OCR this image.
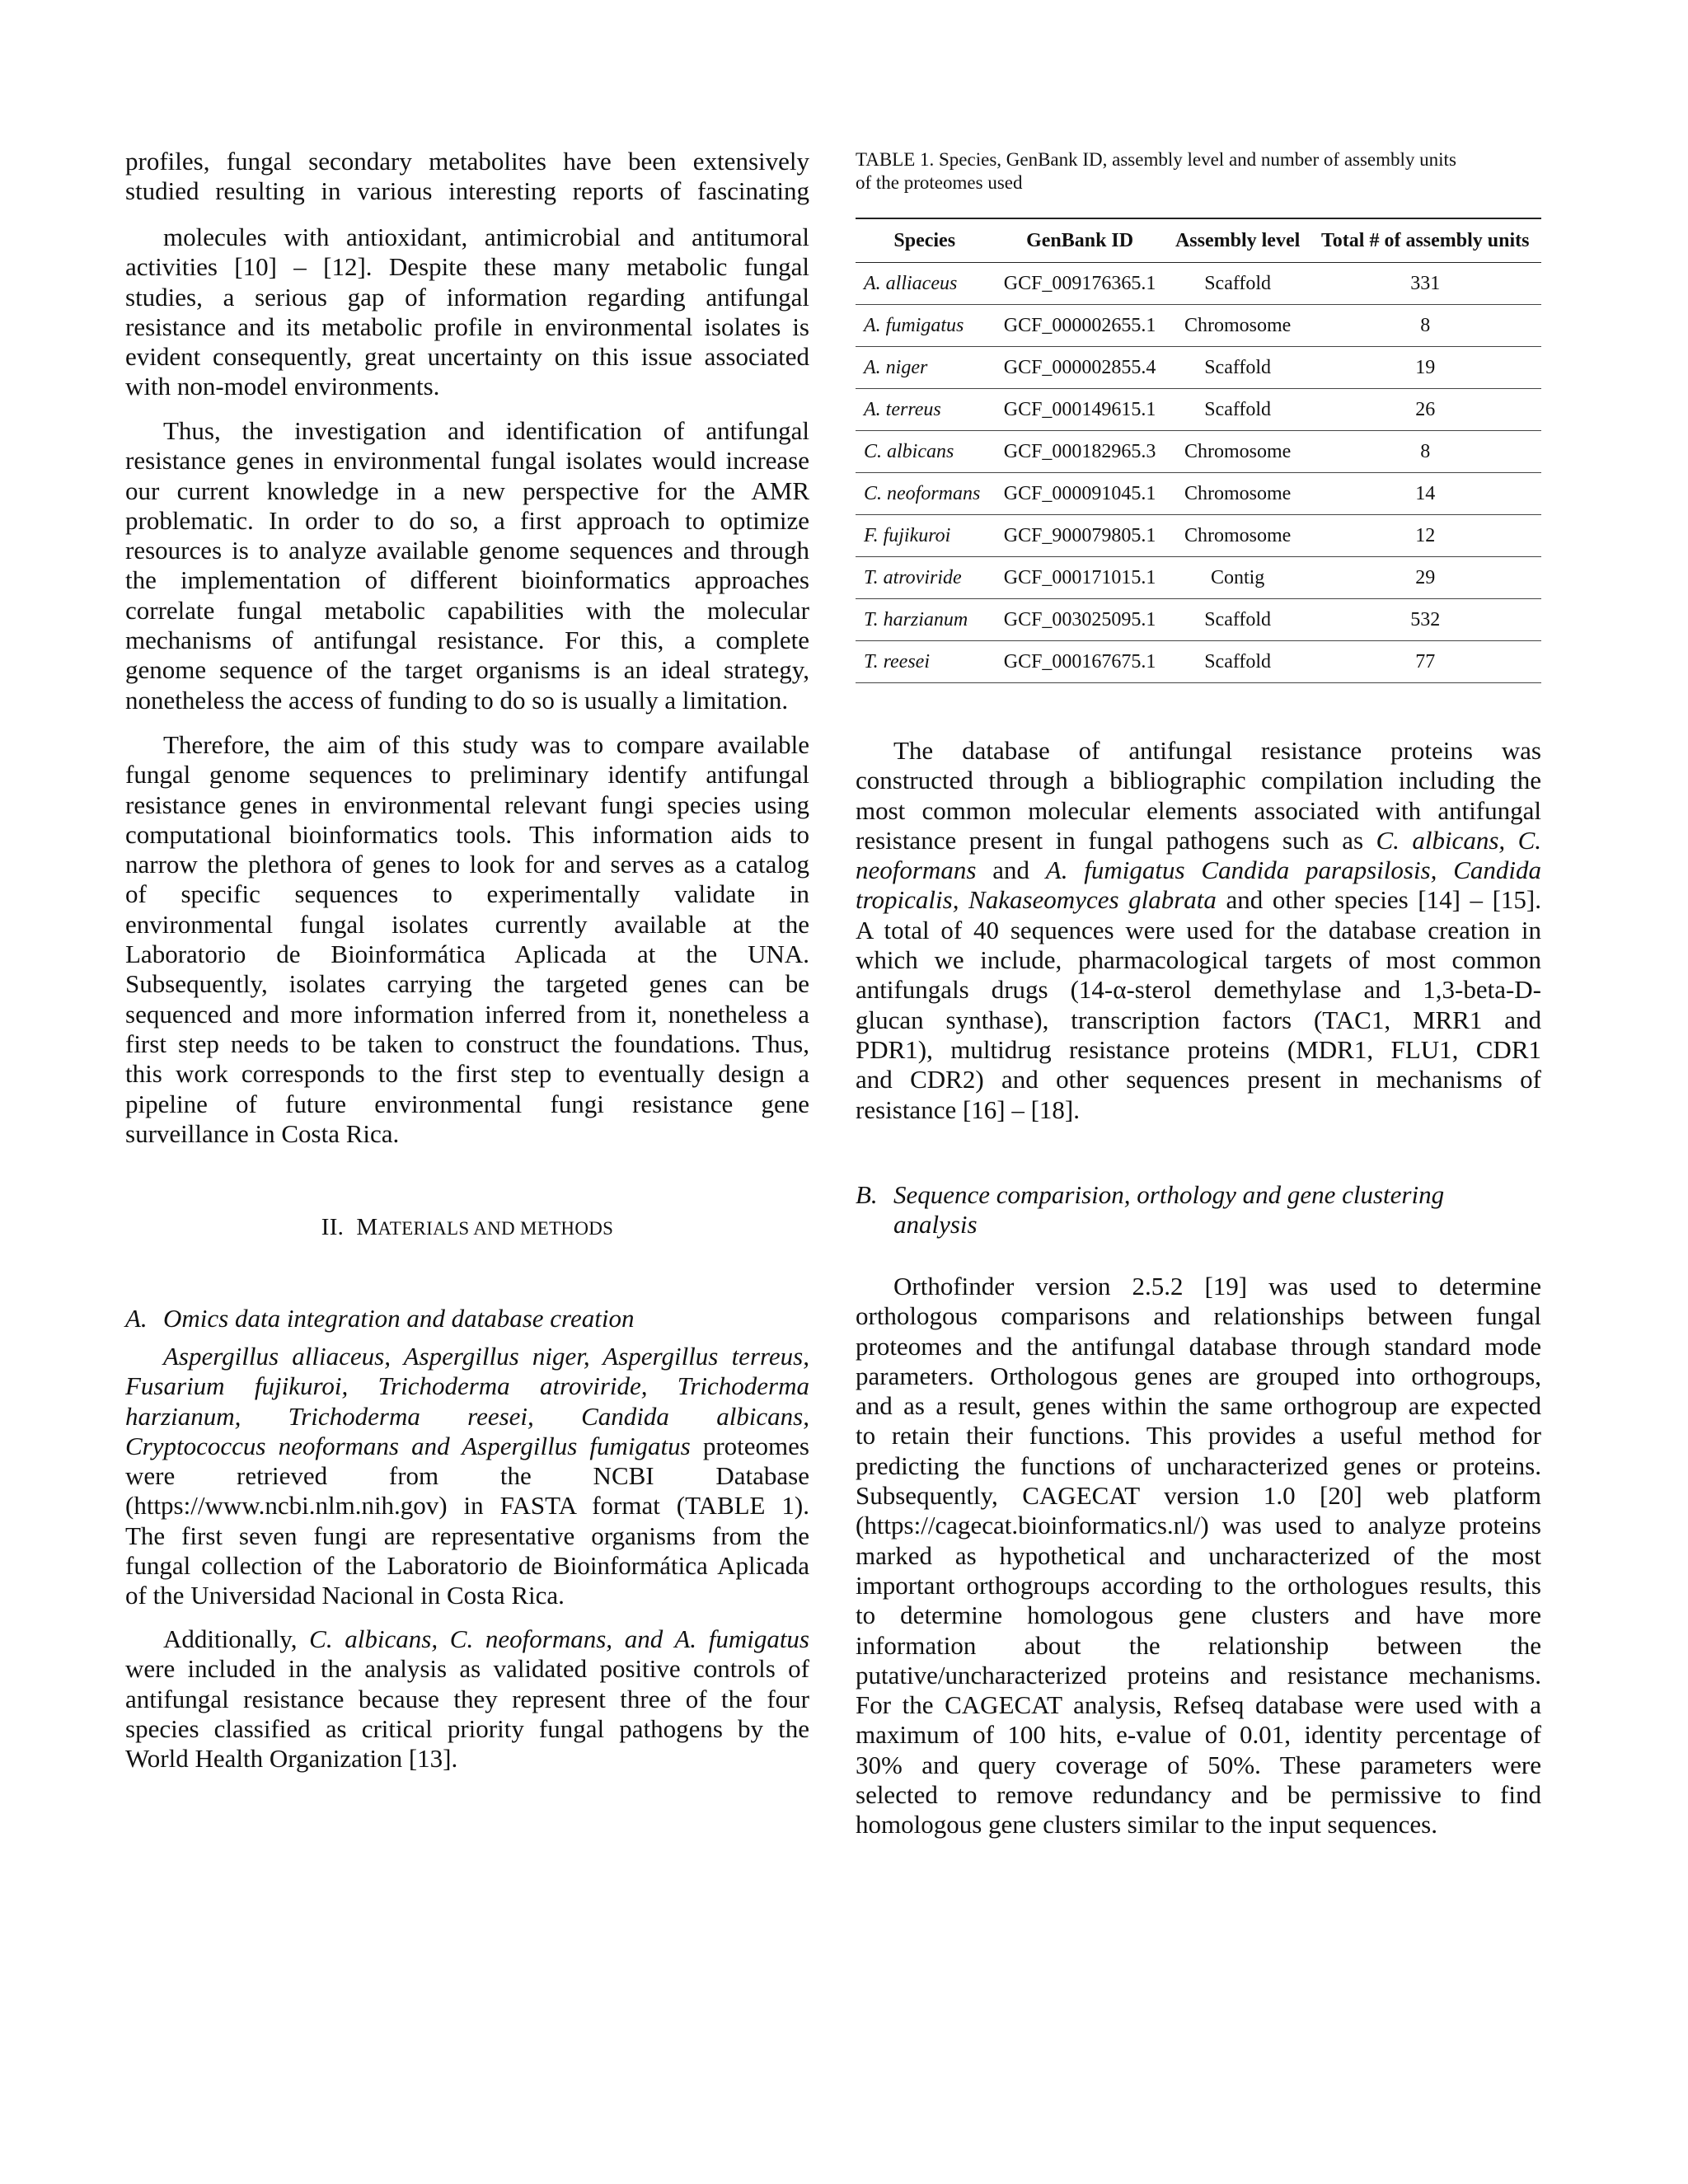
profiles, fungal secondary metabolites have been extensively
studied resulting in various interesting reports of fascinating
molecules with antioxidant, antimicrobial and antitumoral
activities [10] – [12]. Despite these many metabolic fungal
studies, a serious gap of information regarding antifungal
resistance and its metabolic profile in environmental isolates is
evident consequently, great uncertainty on this issue associated
with non-model environments.
Thus, the investigation and identification of antifungal
resistance genes in environmental fungal isolates would increase
our current knowledge in a new perspective for the AMR
problematic. In order to do so, a first approach to optimize
resources is to analyze available genome sequences and through
the implementation of different bioinformatics approaches
correlate fungal metabolic capabilities with the molecular
mechanisms of antifungal resistance. For this, a complete
genome sequence of the target organisms is an ideal strategy,
nonetheless the access of funding to do so is usually a limitation.
Therefore, the aim of this study was to compare available
fungal genome sequences to preliminary identify antifungal
resistance genes in environmental relevant fungi species using
computational bioinformatics tools. This information aids to
narrow the plethora of genes to look for and serves as a catalog
of specific sequences to experimentally validate in
environmental fungal isolates currently available at the
Laboratorio de Bioinformática Aplicada at the UNA.
Subsequently, isolates carrying the targeted genes can be
sequenced and more information inferred from it, nonetheless a
first step needs to be taken to construct the foundations. Thus,
this work corresponds to the first step to eventually design a
pipeline of future environmental fungi resistance gene
surveillance in Costa Rica.
II. MATERIALS AND METHODS
A. Omics data integration and database creation
Aspergillus alliaceus, Aspergillus niger, Aspergillus terreus,
Fusarium fujikuroi, Trichoderma atroviride, Trichoderma
harzianum, Trichoderma reesei, Candida albicans,
Cryptococcus neoformans and Aspergillus fumigatus proteomes
were retrieved from the NCBI Database
(https://www.ncbi.nlm.nih.gov) in FASTA format (TABLE 1).
The first seven fungi are representative organisms from the
fungal collection of the Laboratorio de Bioinformática Aplicada
of the Universidad Nacional in Costa Rica.
Additionally, C. albicans, C. neoformans, and A. fumigatus
were included in the analysis as validated positive controls of
antifungal resistance because they represent three of the four
species classified as critical priority fungal pathogens by the
World Health Organization [13].
TABLE 1. Species, GenBank ID, assembly level and number of assembly units
of the proteomes used
Species	GenBank ID	Assembly level	Total # of assembly units
A. alliaceus	GCF_009176365.1	Scaffold	331
A. fumigatus	GCF_000002655.1	Chromosome	8
A. niger	GCF_000002855.4	Scaffold	19
A. terreus	GCF_000149615.1	Scaffold	26
C. albicans	GCF_000182965.3	Chromosome	8
C. neoformans	GCF_000091045.1	Chromosome	14
F. fujikuroi	GCF_900079805.1	Chromosome	12
T. atroviride	GCF_000171015.1	Contig	29
T. harzianum	GCF_003025095.1	Scaffold	532
T. reesei	GCF_000167675.1	Scaffold	77
The database of antifungal resistance proteins was
constructed through a bibliographic compilation including the
most common molecular elements associated with antifungal
resistance present in fungal pathogens such as C. albicans, C.
neoformans and A. fumigatus Candida parapsilosis, Candida
tropicalis, Nakaseomyces glabrata and other species [14] – [15].
A total of 40 sequences were used for the database creation in
which we include, pharmacological targets of most common
antifungals drugs (14-α-sterol demethylase and 1,3-beta-D-
glucan synthase), transcription factors (TAC1, MRR1 and
PDR1), multidrug resistance proteins (MDR1, FLU1, CDR1
and CDR2) and other sequences present in mechanisms of
resistance [16] – [18].
B. Sequence comparision, orthology and gene clustering
analysis
Orthofinder version 2.5.2 [19] was used to determine
orthologous comparisons and relationships between fungal
proteomes and the antifungal database through standard mode
parameters. Orthologous genes are grouped into orthogroups,
and as a result, genes within the same orthogroup are expected
to retain their functions. This provides a useful method for
predicting the functions of uncharacterized genes or proteins.
Subsequently, CAGECAT version 1.0 [20] web platform
(https://cagecat.bioinformatics.nl/) was used to analyze proteins
marked as hypothetical and uncharacterized of the most
important orthogroups according to the orthologues results, this
to determine homologous gene clusters and have more
information about the relationship between the
putative/uncharacterized proteins and resistance mechanisms.
For the CAGECAT analysis, Refseq database were used with a
maximum of 100 hits, e-value of 0.01, identity percentage of
30% and query coverage of 50%. These parameters were
selected to remove redundancy and be permissive to find
homologous gene clusters similar to the input sequences.
